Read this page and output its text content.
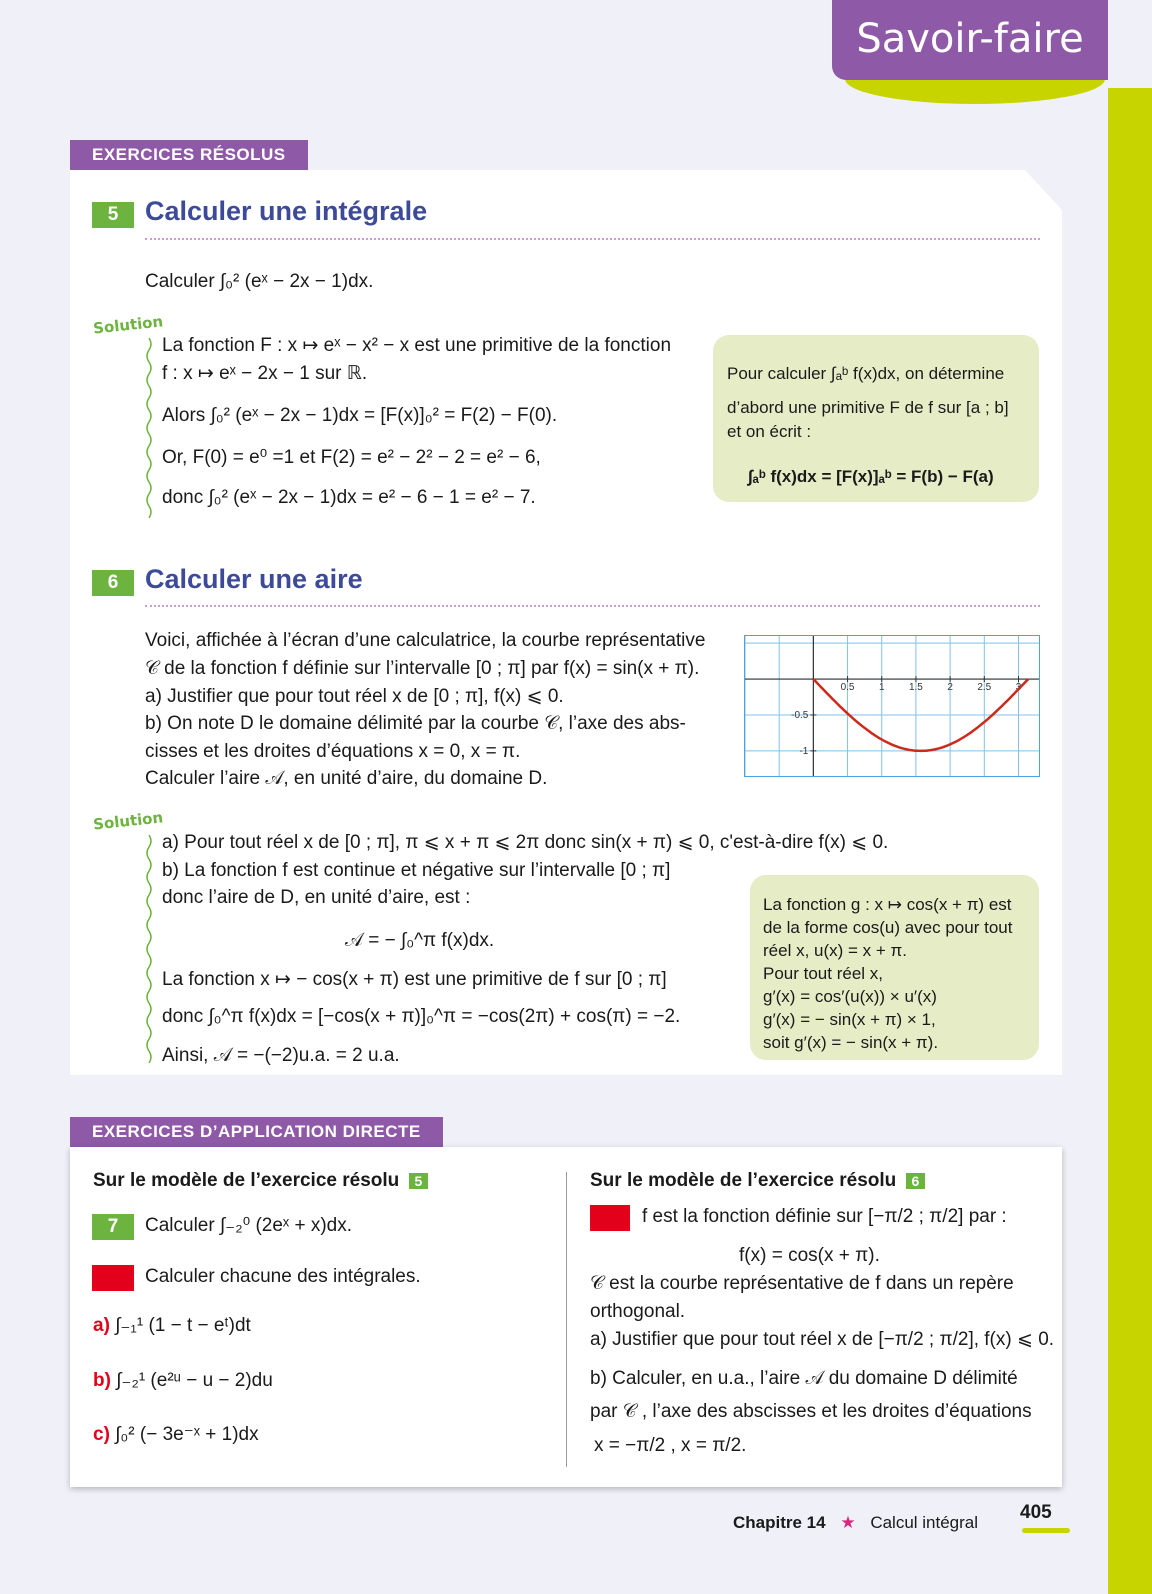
Savoir-faire
EXERCICES RÉSOLUS
5 Calculer une intégrale
Calculer ∫₀² (eˣ − 2x − 1)dx.
Solution
La fonction F : x ↦ eˣ − x² − x est une primitive de la fonction
f : x ↦ eˣ − 2x − 1 sur ℝ.
Alors ∫₀² (eˣ − 2x − 1)dx = [F(x)]₀² = F(2) − F(0).
Or, F(0) = e⁰ =1 et F(2) = e² − 2² − 2 = e² − 6,
donc ∫₀² (eˣ − 2x − 1)dx = e² − 6 − 1 = e² − 7.
Pour calculer ∫ₐᵇ f(x)dx, on détermine
d’abord une primitive F de f sur [a ; b]
et on écrit :
∫ₐᵇ f(x)dx = [F(x)]ₐᵇ = F(b) − F(a)
6 Calculer une aire
Voici, affichée à l’écran d’une calculatrice, la courbe représentative
𝒞 de la fonction f définie sur l’intervalle [0 ; π] par f(x) = sin(x + π).
a) Justifier que pour tout réel x de [0 ; π], f(x) ⩽ 0.
b) On note D le domaine délimité par la courbe 𝒞, l’axe des abs-
cisses et les droites d’équations x = 0, x = π.
Calculer l’aire 𝒜, en unité d’aire, du domaine D.
0.5 1 1.5 2 2.5 3
-0.5
-1
Solution
a) Pour tout réel x de [0 ; π], π ⩽ x + π ⩽ 2π donc sin(x + π) ⩽ 0, c'est-à-dire f(x) ⩽ 0.
b) La fonction f est continue et négative sur l’intervalle [0 ; π]
donc l’aire de D, en unité d’aire, est :
𝒜 = − ∫₀^π f(x)dx.
La fonction x ↦ − cos(x + π) est une primitive de f sur [0 ; π]
donc ∫₀^π f(x)dx = [−cos(x + π)]₀^π = −cos(2π) + cos(π) = −2.
Ainsi, 𝒜 = −(−2)u.a. = 2 u.a.
La fonction g : x ↦ cos(x + π) est
de la forme cos(u) avec pour tout
réel x, u(x) = x + π.
Pour tout réel x,
g′(x) = cos′(u(x)) × u′(x)
g′(x) = − sin(x + π) × 1,
soit g′(x) = − sin(x + π).
EXERCICES D’APPLICATION DIRECTE
Sur le modèle de l’exercice résolu 5
7	Calculer ∫₋₂⁰ (2eˣ + x)dx.
8	Calculer chacune des intégrales.
a) ∫₋₁¹ (1 − t − eᵗ)dt
b) ∫₋₂¹ (e²ᵘ − u − 2)du
c) ∫₀² (− 3e⁻ˣ + 1)dx
Sur le modèle de l’exercice résolu 6
9	f est la fonction définie sur [−π/2 ; π/2] par :
f(x) = cos(x + π).
𝒞 est la courbe représentative de f dans un repère
orthogonal.
a) Justifier que pour tout réel x de [−π/2 ; π/2], f(x) ⩽ 0.
b) Calculer, en u.a., l’aire 𝒜 du domaine D délimité
par 𝒞 , l’axe des abscisses et les droites d’équations
x = −π/2 , x = π/2.
Chapitre 14 ★ Calcul intégral 405
